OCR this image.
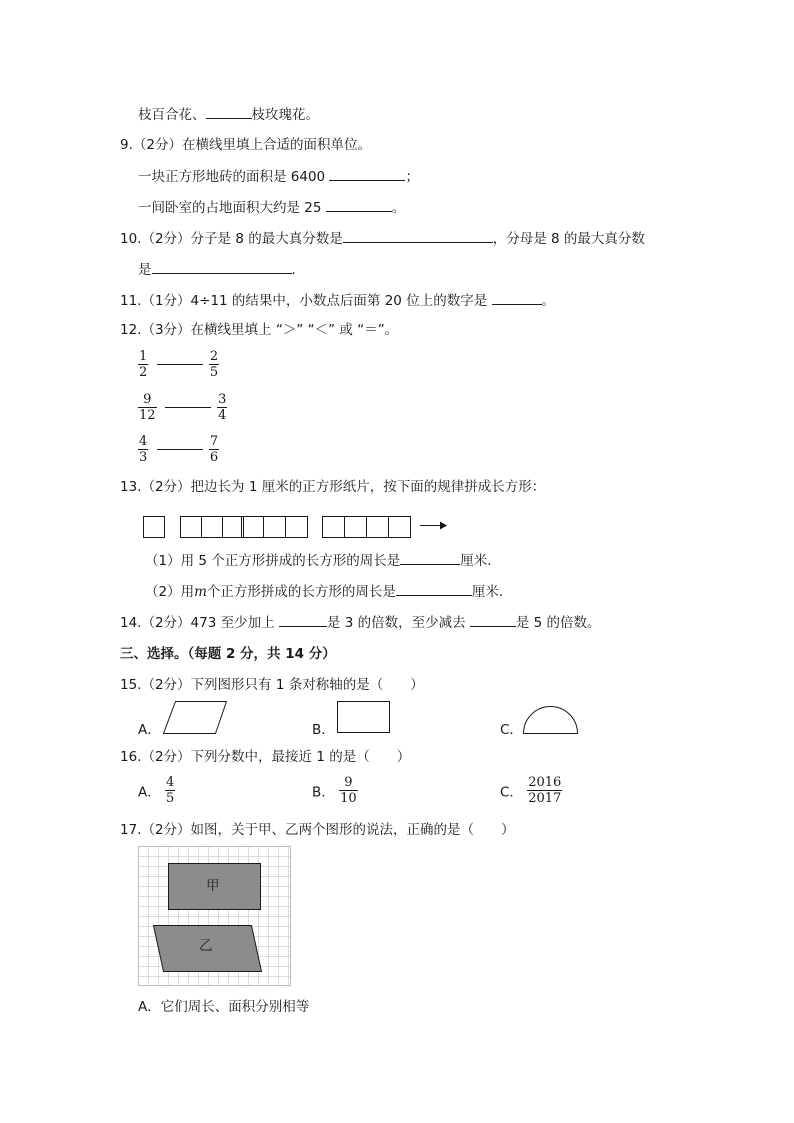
枝百合花、	枝玫瑰花。
9.（2分）在横线里填上合适的面积单位。
一块正方形地砖的面积是 6400	；
一间卧室的占地面积大约是 25	。
10.（2分）分子是 8 的最大真分数是	，分母是 8 的最大真分数
是	.
11.（1分）4÷11 的结果中，小数点后面第 20 位上的数字是	。
12.（3分）在横线里填上 “＞” “＜” 或 “＝”。
$\frac{1}{2}$
	$\frac{2}{5}$
$\frac{9}{12}$
	$\frac{3}{4}$
$\frac{4}{3}$
	$\frac{7}{6}$
13.（2分）把边长为 1 厘米的正方形纸片，按下面的规律拼成长方形：
（1）用 5 个正方形拼成的长方形的周长是	厘米.
（2）用m个正方形拼成的长方形的周长是	厘米.
14.（2分）473 至少加上	是 3 的倍数，至少减去	是 5 的倍数。
三、选择。（每题 2 分，共 14 分）
15.（2分）下列图形只有 1 条对称轴的是（　　）
A．	B．	C．
16.（2分）下列分数中，最接近 1 的是（　　）
A． $\frac{4}{5}$	B． $\frac{9}{10}$	C． $\frac{2016}{2017}$
17.（2分）如图，关于甲、乙两个图形的说法，正确的是（　　）
甲
乙
A．它们周长、面积分别相等
